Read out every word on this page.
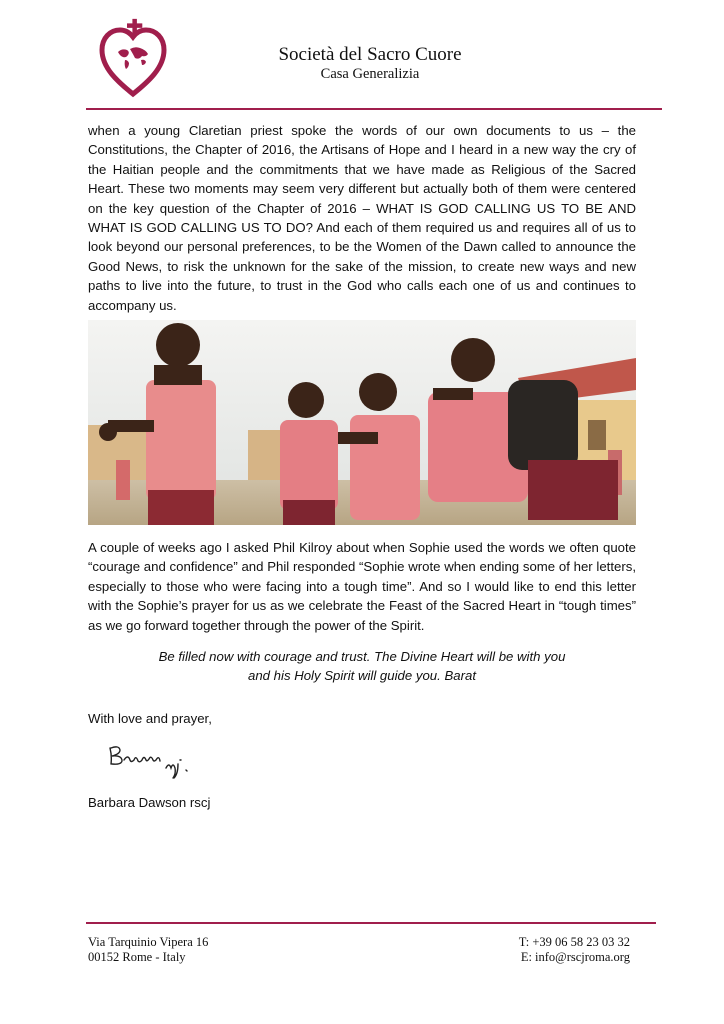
Società del Sacro Cuore
Casa Generalizia

when a young Claretian priest spoke the words of our own documents to us – the Constitutions, the Chapter of 2016, the Artisans of Hope and I heard in a new way the cry of the Haitian people and the commitments that we have made as Religious of the Sacred Heart. These two moments may seem very different but actually both of them were centered on the key question of the Chapter of 2016 – WHAT IS GOD CALLING US TO BE AND WHAT IS GOD CALLING US TO DO? And each of them required us and requires all of us to look beyond our personal preferences, to be the Women of the Dawn called to announce the Good News, to risk the unknown for the sake of the mission, to create new ways and new paths to live into the future, to trust in the God who calls each one of us and continues to accompany us.

A couple of weeks ago I asked Phil Kilroy about when Sophie used the words we often quote “courage and confidence” and Phil responded “Sophie wrote when ending some of her letters, especially to those who were facing into a tough time”. And so I would like to end this letter with the Sophie’s prayer for us as we celebrate the Feast of the Sacred Heart in “tough times” as we go forward together through the power of the Spirit.

Be filled now with courage and trust. The Divine Heart will be with you
and his Holy Spirit will guide you. Barat

With love and prayer,
Barbara Dawson rscj
Via Tarquinio Vipera 16
00152 Rome - Italy
T: +39 06 58 23 03 32
E: info@rscjroma.org
